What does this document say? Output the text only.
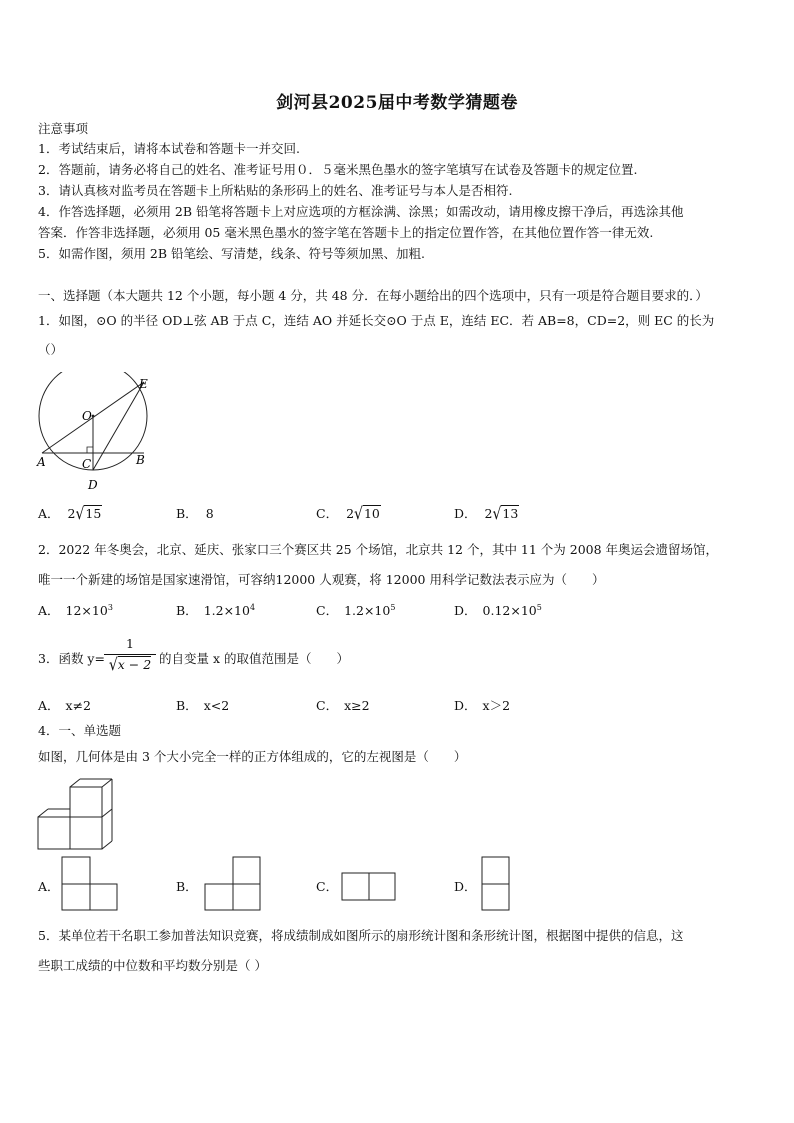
剑河县2025届中考数学猜题卷
注意事项
1．考试结束后，请将本试卷和答题卡一并交回.
2．答题前，请务必将自己的姓名、准考证号用０．５毫米黑色墨水的签字笔填写在试卷及答题卡的规定位置.
3．请认真核对监考员在答题卡上所粘贴的条形码上的姓名、准考证号与本人是否相符.
4．作答选择题，必须用 2B 铅笔将答题卡上对应选项的方框涂满、涂黑；如需改动，请用橡皮擦干净后，再选涂其他
答案．作答非选择题，必须用 05 毫米黑色墨水的签字笔在答题卡上的指定位置作答，在其他位置作答一律无效.
5．如需作图，须用 2B 铅笔绘、写清楚，线条、符号等须加黑、加粗.
一、选择题（本大题共 12 个小题，每小题 4 分，共 48 分．在每小题给出的四个选项中，只有一项是符合题目要求的．）
1．如图，⊙O 的半径 OD⊥弦 AB 于点 C，连结 AO 并延长交⊙O 于点 E，连结 EC．若 AB=8，CD=2，则 EC 的长为
（）
O
E
A	B
C
D
A． 2√15	B． 8	C． 2√10	D． 2√13
2．2022 年冬奥会，北京、延庆、张家口三个赛区共 25 个场馆，北京共 12 个，其中 11 个为 2008 年奥运会遗留场馆，
唯一一个新建的场馆是国家速滑馆，可容纳12000 人观赛，将 12000 用科学记数法表示应为（　　）
A． $12\times 10^3$	B． $1.2\times 10^4$	C． $1.2\times 10^5$	D． $0.12\times 10^5$
3．函数 $y= \frac{1}{√x - 2}$ 的自变量 x 的取值范围是（　　）
A． x≠2	B． x<2	C． x≥2	D． x＞2
4．一、单选题
如图，几何体是由 3 个大小完全一样的正方体组成的，它的左视图是（　　）
A．	B．	C．	D．
5．某单位若干名职工参加普法知识竞赛，将成绩制成如图所示的扇形统计图和条形统计图，根据图中提供的信息，这
些职工成绩的中位数和平均数分别是（ ）
